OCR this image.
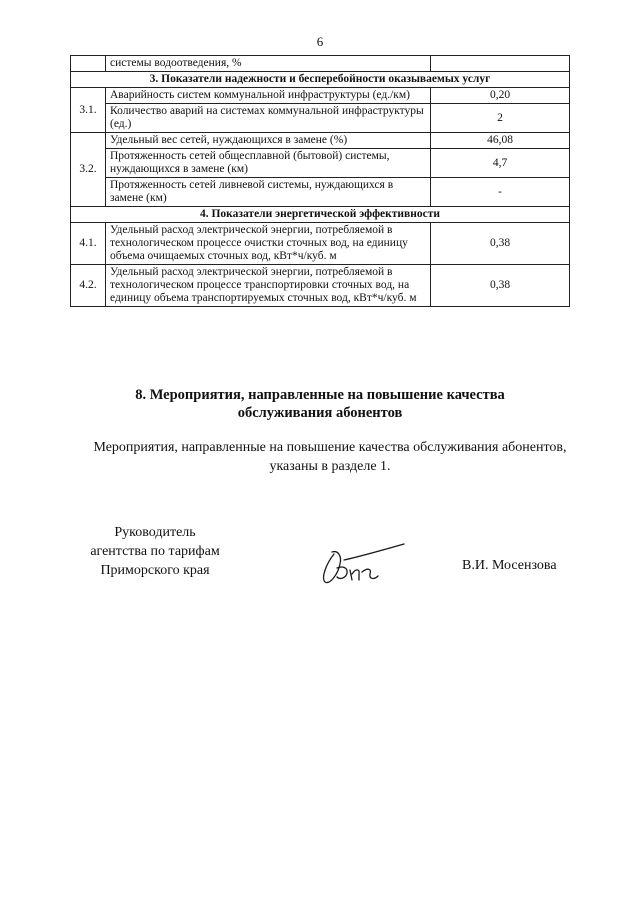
6
	системы водоотведения, %	
3. Показатели надежности и бесперебойности оказываемых услуг		
3.1.	Аварийность систем коммунальной инфраструктуры (ед./км)	0,20
	Количество аварий на системах коммунальной инфраструктуры (ед.)	2
3.2.	Удельный вес сетей, нуждающихся в замене (%)	46,08
	Протяженность сетей общесплавной (бытовой) системы, нуждающихся в замене (км)	4,7
	Протяженность сетей ливневой системы, нуждающихся в замене (км)	-
4. Показатели энергетической эффективности		
4.1.	Удельный расход электрической энергии, потребляемой в технологическом процессе очистки сточных вод, на единицу объема очищаемых сточных вод, кВт*ч/куб. м	0,38
4.2.	Удельный расход электрической энергии, потребляемой в технологическом процессе транспортировки сточных вод, на единицу объема транспортируемых сточных вод, кВт*ч/куб. м	0,38
8. Мероприятия, направленные на повышение качества
обслуживания абонентов
Мероприятия, направленные на повышение качества обслуживания абонентов,
указаны в разделе 1.
Руководитель
агентства по тарифам
Приморского края	В.И. Мосензова
